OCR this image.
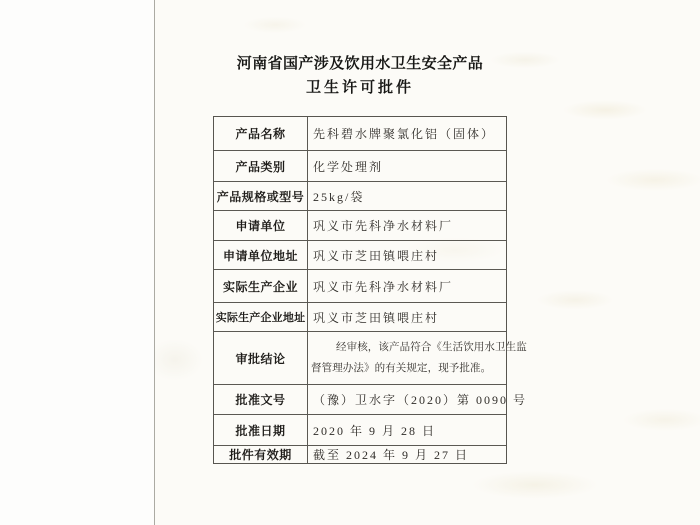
河南省国产涉及饮用水卫生安全产品
卫生许可批件
产品名称	先科碧水牌聚氯化铝（固体）
产品类别	化学处理剂
产品规格或型号 25kg/袋
申请单位	巩义市先科净水材料厂
申请单位地址	巩义市芝田镇喂庄村
实际生产企业	巩义市先科净水材料厂
实际生产企业地址 巩义市芝田镇喂庄村
审批结论
经审核，该产品符合《生活饮用水卫生监
督管理办法》的有关规定，现予批准。
批准文号	（豫）卫水字（2020）第 0090 号
批准日期	2020 年 9 月 28 日
批件有效期	截至 2024 年 9 月 27 日
